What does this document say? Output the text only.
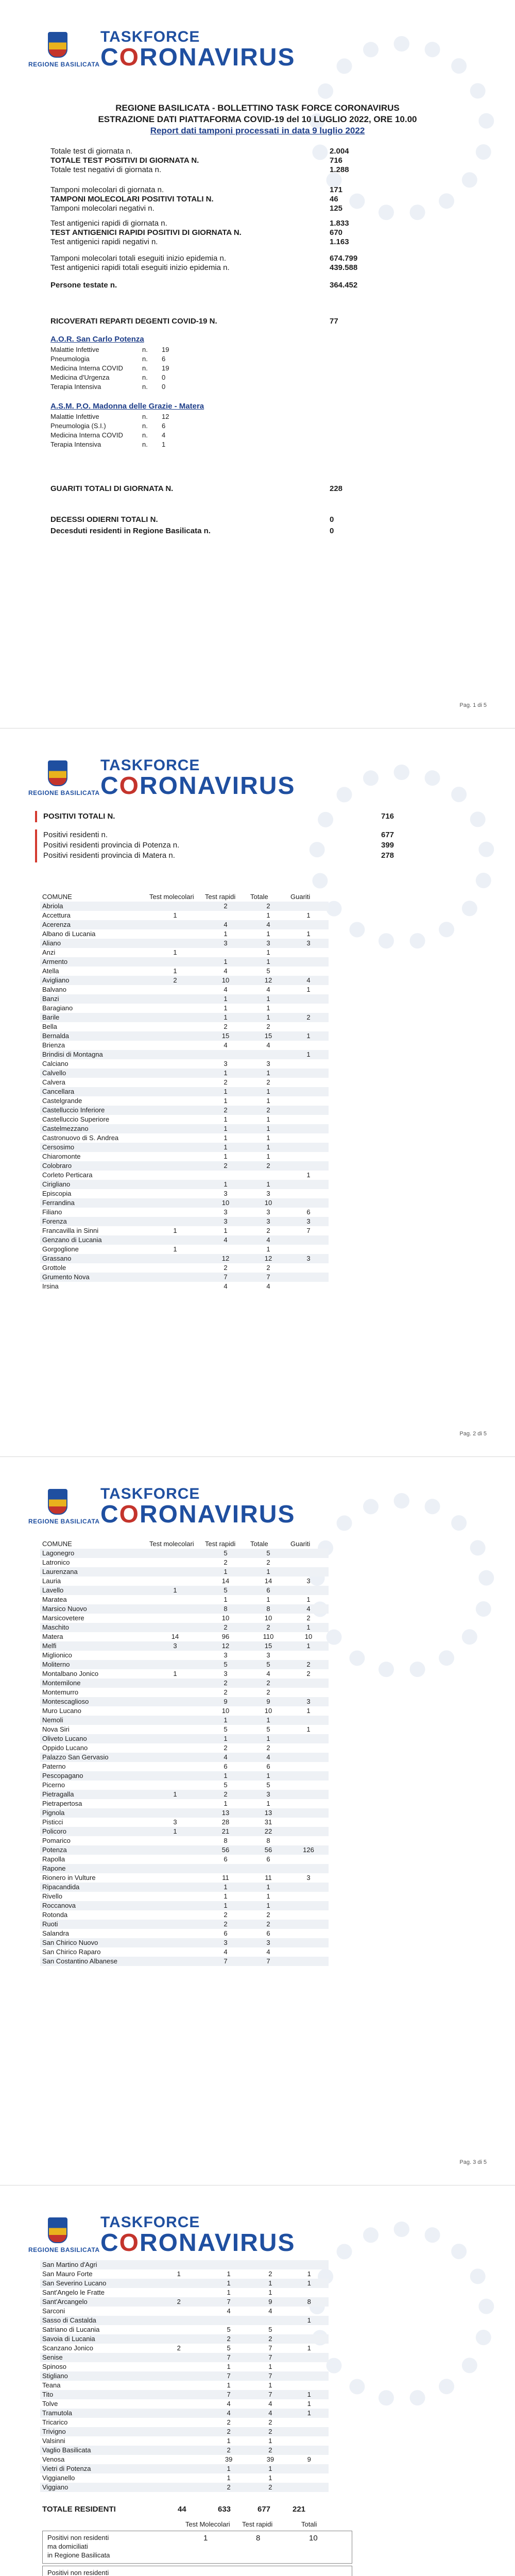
REGIONE BASILICATA
TASKFORCE
CORONAVIRUS
REGIONE BASILICATA - BOLLETTINO TASK FORCE CORONAVIRUS
ESTRAZIONE DATI PIATTAFORMA COVID-19 del 10 LUGLIO 2022, ORE 10.00
Report dati tamponi processati in data 9 luglio 2022
Totale test di giornata n.	2.004
TOTALE TEST POSITIVI DI GIORNATA N.	716
Totale test negativi di giornata n.	1.288
Tamponi molecolari di giornata n.	171
TAMPONI MOLECOLARI POSITIVI TOTALI N.	46
Tamponi molecolari negativi n.	125
Test antigenici rapidi di giornata n.	1.833
TEST ANTIGENICI RAPIDI POSITIVI DI GIORNATA N.	670
Test antigenici rapidi negativi n.	1.163
Tamponi molecolari totali eseguiti inizio epidemia n.	674.799
Test antigenici rapidi totali eseguiti inizio epidemia n.	439.588
Persone testate n.	364.452
RICOVERATI REPARTI DEGENTI COVID-19 N.	77
A.O.R. San Carlo Potenza
Malattie Infettive	n.	19
Pneumologia	n.	6
Medicina Interna COVID	n.	19
Medicina d'Urgenza	n.	0
Terapia Intensiva	n.	0
A.S.M. P.O. Madonna delle Grazie - Matera
Malattie Infettive	n.	12
Pneumologia (S.I.)	n.	6
Medicina Interna COVID	n.	4
Terapia Intensiva	n.	1
GUARITI TOTALI DI GIORNATA N.	228
DECESSI ODIERNI TOTALI N.	0
Decesduti residenti in Regione Basilicata n.	0
Pag. 1 di 5
REGIONE BASILICATA
TASKFORCE
CORONAVIRUS
POSITIVI TOTALI N.	716
Positivi residenti n.	677
Positivi residenti provincia di Potenza n.	399
Positivi residenti provincia di Matera n.	278
COMUNE	Test molecolari	Test rapidi	Totale	Guariti
Abriola		2	2	
Accettura	1		1	1
Acerenza		4	4	
Albano di Lucania		1	1	1
Aliano		3	3	3
Anzi	1		1	
Armento		1	1	
Atella	1	4	5	
Avigliano	2	10	12	4
Balvano		4	4	1
Banzi		1	1	
Baragiano		1	1	
Barile		1	1	2
Bella		2	2	
Bernalda		15	15	1
Brienza		4	4	
Brindisi di Montagna				1
Calciano		3	3	
Calvello		1	1	
Calvera		2	2	
Cancellara		1	1	
Castelgrande		1	1	
Castelluccio Inferiore		2	2	
Castelluccio Superiore		1	1	
Castelmezzano		1	1	
Castronuovo di S. Andrea		1	1	
Cersosimo		1	1	
Chiaromonte		1	1	
Colobraro		2	2	
Corleto Perticara				1
Cirigliano		1	1	
Episcopia		3	3	
Ferrandina		10	10	
Filiano		3	3	6
Forenza		3	3	3
Francavilla in Sinni	1	1	2	7
Genzano di Lucania		4	4	
Gorgoglione	1		1	
Grassano		12	12	3
Grottole		2	2	
Grumento Nova		7	7	
Irsina		4	4	
Pag. 2 di 5
REGIONE BASILICATA
TASKFORCE
CORONAVIRUS
COMUNE	Test molecolari	Test rapidi	Totale	Guariti
Lagonegro		5	5	
Latronico		2	2	
Laurenzana		1	1	
Lauria		14	14	3
Lavello	1	5	6	
Maratea		1	1	1
Marsico Nuovo		8	8	4
Marsicovetere		10	10	2
Maschito		2	2	1
Matera	14	96	110	10
Melfi	3	12	15	1
Miglionico		3	3	
Moliterno		5	5	2
Montalbano Jonico	1	3	4	2
Montemilone		2	2	
Montemurro		2	2	
Montescaglioso		9	9	3
Muro Lucano		10	10	1
Nemoli		1	1	
Nova Siri		5	5	1
Oliveto Lucano		1	1	
Oppido Lucano		2	2	
Palazzo San Gervasio		4	4	
Paterno		6	6	
Pescopagano		1	1	
Picerno		5	5	
Pietragalla	1	2	3	
Pietrapertosa		1	1	
Pignola		13	13	
Pisticci	3	28	31	
Policoro	1	21	22	
Pomarico		8	8	
Potenza		56	56	126
Rapolla		6	6	
Rapone				
Rionero in Vulture		11	11	3
Ripacandida		1	1	
Rivello		1	1	
Roccanova		1	1	
Rotonda		2	2	
Ruoti		2	2	
Salandra		6	6	
San Chirico Nuovo		3	3	
San Chirico Raparo		4	4	
San Costantino Albanese		7	7	
Pag. 3 di 5
REGIONE BASILICATA
TASKFORCE
CORONAVIRUS
San Martino d'Agri				
San Mauro Forte	1	1	2	1
San Severino Lucano		1	1	1
Sant'Angelo le Fratte		1	1	
Sant'Arcangelo	2	7	9	8
Sarconi		4	4	
Sasso di Castalda				1
Satriano di Lucania		5	5	
Savoia di Lucania		2	2	
Scanzano Jonico	2	5	7	1
Senise		7	7	
Spinoso		1	1	
Stigliano		7	7	
Teana		1	1	
Tito		7	7	1
Tolve		4	4	1
Tramutola		4	4	1
Tricarico		2	2	
Trivigno		2	2	
Valsinni		1	1	
Vaglio Basilicata		2	2	
Venosa		39	39	9
Vietri di Potenza		1	1	
Viggianello		1	1	
Viggiano		2	2	
TOTALE RESIDENTI	44	633	677	221
Test Molecolari Test rapidi	Totali
Positivi non residenti
ma domiciliati
in Regione Basilicata
1	8	10
Positivi non residenti
